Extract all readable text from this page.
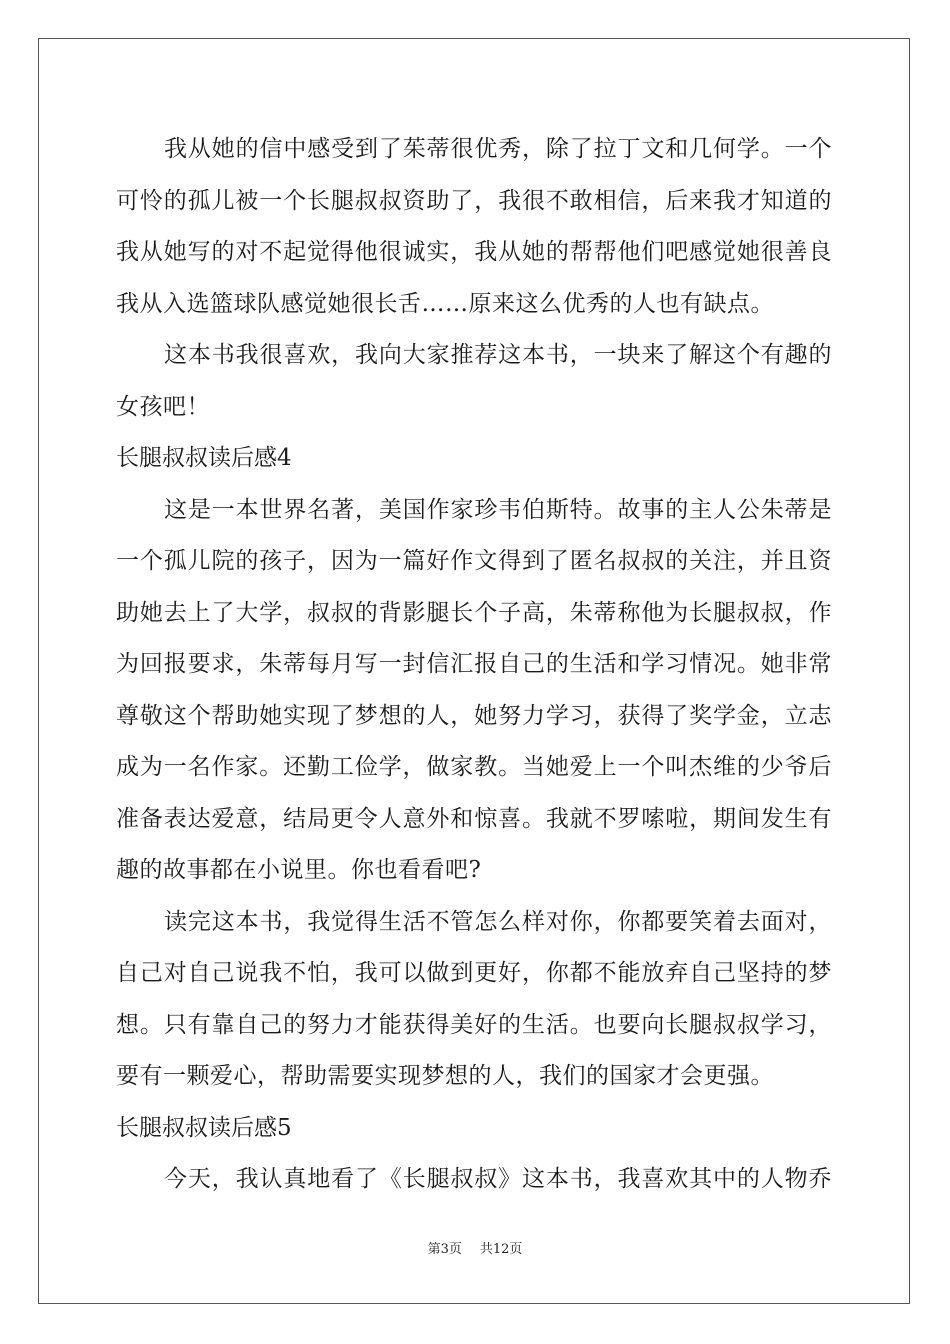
我从她的信中感受到了茱蒂很优秀，除了拉丁文和几何学。一个
可怜的孤儿被一个长腿叔叔资助了，我很不敢相信，后来我才知道的
我从她写的对不起觉得他很诚实，我从她的帮帮他们吧感觉她很善良
我从入选篮球队感觉她很长舌……原来这么优秀的人也有缺点。
这本书我很喜欢，我向大家推荐这本书，一块来了解这个有趣的
女孩吧！
长腿叔叔读后感4
这是一本世界名著，美国作家珍韦伯斯特。故事的主人公朱蒂是
一个孤儿院的孩子，因为一篇好作文得到了匿名叔叔的关注，并且资
助她去上了大学，叔叔的背影腿长个子高，朱蒂称他为长腿叔叔，作
为回报要求，朱蒂每月写一封信汇报自己的生活和学习情况。她非常
尊敬这个帮助她实现了梦想的人，她努力学习，获得了奖学金，立志
成为一名作家。还勤工俭学，做家教。当她爱上一个叫杰维的少爷后
准备表达爱意，结局更令人意外和惊喜。我就不罗嗦啦，期间发生有
趣的故事都在小说里。你也看看吧?
读完这本书，我觉得生活不管怎么样对你，你都要笑着去面对，
自己对自己说我不怕，我可以做到更好，你都不能放弃自己坚持的梦
想。只有靠自己的努力才能获得美好的生活。也要向长腿叔叔学习，
要有一颗爱心，帮助需要实现梦想的人，我们的国家才会更强。
长腿叔叔读后感5
今天，我认真地看了《长腿叔叔》这本书，我喜欢其中的人物乔
第3页 共12页
